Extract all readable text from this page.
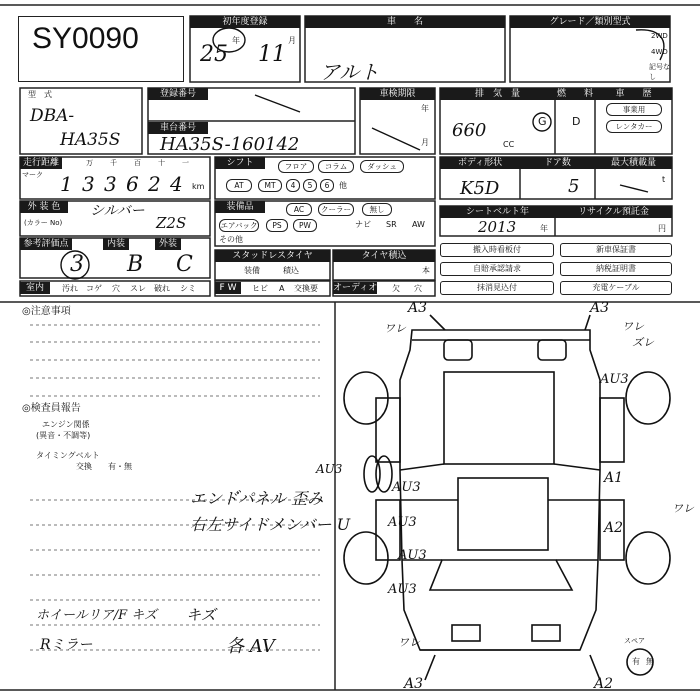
SY0090	初年度登録
25
年
11
月
車　　名
アルト
グレード／類別型式
2WD
4WD
記号なし
型　式
DBA-
HA35S
登録番号
車台番号
HA35S-160142
車検期限
年
月
排　気　量
660
CC
燃　　料
G D
車　　歴
事業用
レンタカー
走行距離
マーク
万 千 百 十 一
1 3 3 6 2 4 km
シフト	フロア	コラム	ダッシュ
AT	MT	4	5	6	他
ボディ形状
K5D
ドア数
5
最大積載量
t
外 装 色
(カラー No)
シルバー
Z2S
装備品	AC	クーラー	無し
エアバック	PS	PW	ナビ SR AW
その他
シートベルト年
2013	年
リサイクル預託金
円
参考評価点
3
内装
B
外装
C	スタッドレスタイヤ
装備	積込
タイヤ積込
本
搬入時看板付
自賠承認請求
抹消見込付
新車保証書
納税証明書
充電ケーブル
室内	汚れ コゲ 穴 スレ 破れ シミ	F W	ヒビ A 交換要 オーディオ 欠 穴
◎注意事項
◎検査員報告
エンジン関係
(異音・不調等)
タイミングベルト
交換 有・無
エンド゙パネル 歪み
右左サイドメンバー U
ホイールリア/F キズ キズ
Rミラー	各 AV
A3
ワレ
A3
ワレ
ズレ
AU3
A1
A2
ワレ
AU3
AU3
AU3
AU3
AU3
ワレ
A3	A2
スペア
有 無
